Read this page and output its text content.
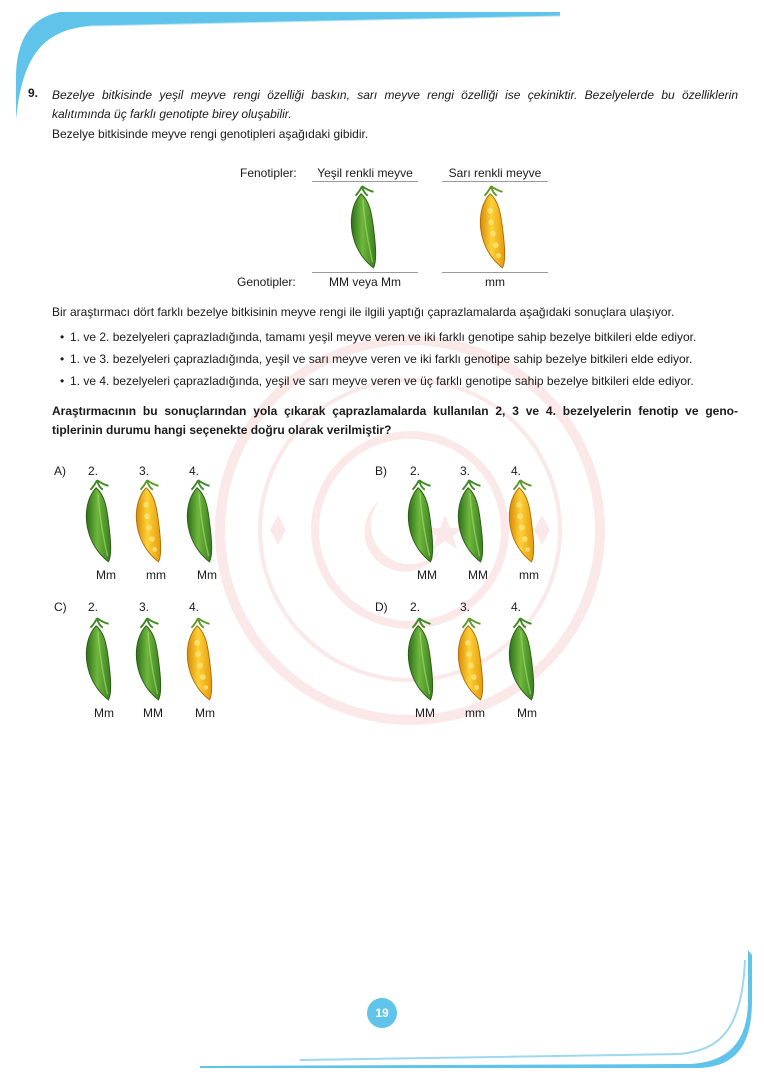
9. Bezelye bitkisinde yeşil meyve rengi özelliği baskın, sarı meyve rengi özelliği ise çekiniktir. Bezelyelerde bu özelliklerin kalıtımında üç farklı genotipte birey oluşabilir.
Bezelye bitkisinde meyve rengi genotipleri aşağıdaki gibidir.
Fenotipler:	Yeşil renkli meyve	Sarı renkli meyve
Genotipler:	MM veya Mm	mm
Bir araştırmacı dört farklı bezelye bitkisinin meyve rengi ile ilgili yaptığı çaprazlamalarda aşağıdaki sonuçlara ulaşıyor.
• 1. ve 2. bezelyeleri çaprazladığında, tamamı yeşil meyve veren ve iki farklı genotipe sahip bezelye bitkileri elde ediyor.
• 1. ve 3. bezelyeleri çaprazladığında, yeşil ve sarı meyve veren ve iki farklı genotipe sahip bezelye bitkileri elde ediyor.
• 1. ve 4. bezelyeleri çaprazladığında, yeşil ve sarı meyve veren ve üç farklı genotipe sahip bezelye bitkileri elde ediyor.
Araştırmacının bu sonuçlarından yola çıkarak çaprazlamalarda kullanılan 2, 3 ve 4. bezelyelerin fenotip ve geno-tiplerinin durumu hangi seçenekte doğru olarak verilmiştir?
A) 2.	3.	4.
Mm	mm	Mm
B) 2.	3.	4.
MM	MM	mm
C) 2.	3.	4.
Mm MM	Mm
D) 2.	3.	4.
MM	mm	Mm
19
